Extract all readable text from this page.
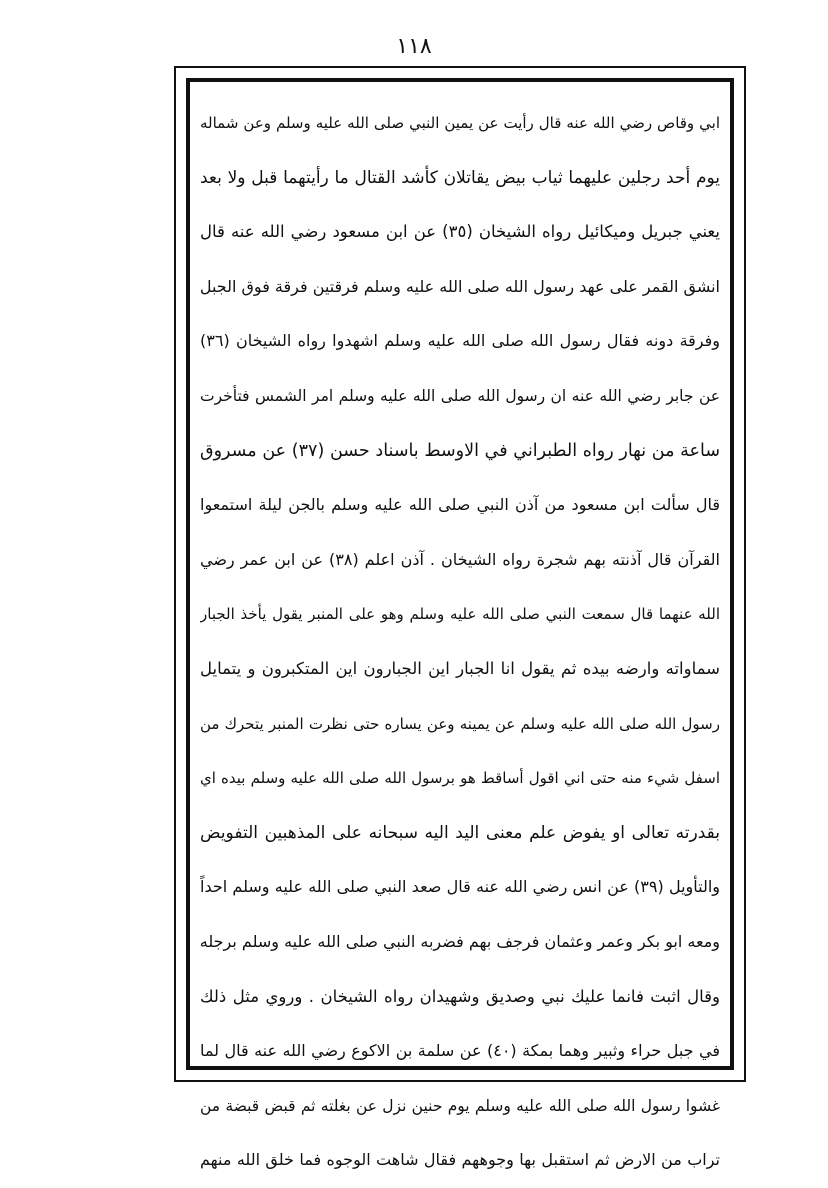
١١٨
ابي وقاص رضي الله عنه قال رأيت عن يمين النبي صلى الله عليه وسلم وعن شماله
يوم أحد رجلين عليهما ثياب بيض يقاتلان كأشد القتال ما رأيتهما قبل ولا بعد
يعني جبريل وميكائيل رواه الشيخان (٣٥) عن ابن مسعود رضي الله عنه قال
انشق القمر على عهد رسول الله صلى الله عليه وسلم فرقتين فرقة فوق الجبل
وفرقة دونه فقال رسول الله صلى الله عليه وسلم اشهدوا رواه الشيخان (٣٦)
عن جابر رضي الله عنه ان رسول الله صلى الله عليه وسلم امر الشمس فتأخرت
ساعة من نهار رواه الطبراني في الاوسط باسناد حسن (٣٧) عن مسروق
قال سألت ابن مسعود من آذن النبي صلى الله عليه وسلم بالجن ليلة استمعوا
القرآن قال آذنته بهم شجرة رواه الشيخان . آذن اعلم (٣٨) عن ابن عمر رضي
الله عنهما قال سمعت النبي صلى الله عليه وسلم وهو على المنبر يقول يأخذ الجبار
سماواته وارضه بيده ثم يقول انا الجبار اين الجبارون اين المتكبرون و يتمايل
رسول الله صلى الله عليه وسلم عن يمينه وعن يساره حتى نظرت المنبر يتحرك من
اسفل شيء منه حتى اني اقول أساقط هو برسول الله صلى الله عليه وسلم بيده اي
بقدرته تعالى او يفوض علم معنى اليد اليه سبحانه على المذهبين التفويض
والتأويل (٣٩) عن انس رضي الله عنه قال صعد النبي صلى الله عليه وسلم احداً
ومعه ابو بكر وعمر وعثمان فرجف بهم فضربه النبي صلى الله عليه وسلم برجله
وقال اثبت فانما عليك نبي وصديق وشهيدان رواه الشيخان . وروي مثل ذلك
في جبل حراء وثبير وهما بمكة (٤٠) عن سلمة بن الاكوع رضي الله عنه قال لما
غشوا رسول الله صلى الله عليه وسلم يوم حنين نزل عن بغلته ثم قبض قبضة من
تراب من الارض ثم استقبل بها وجوههم فقال شاهت الوجوه فما خلق الله منهم
